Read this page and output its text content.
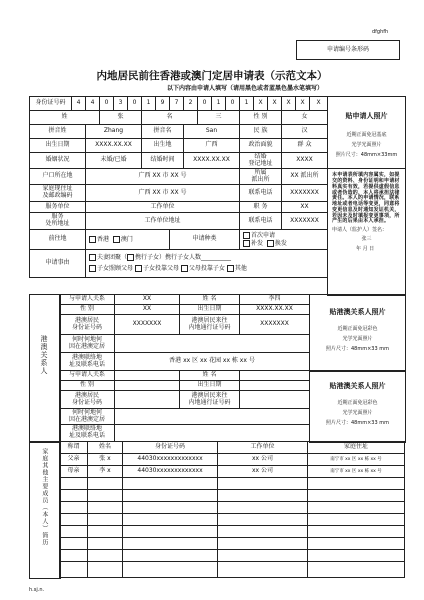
dfghfh
申请编号条形码
内地居民前往香港或澳门定居申请表（示范文本）
以下内容由申请人填写（请用黑色或者蓝黑色墨水笔填写）
身份证号码	4	4	0	3	0	1	9	7	2	0	1	0	1	X	X	X	X	X
姓			张			名				三			性 别			女		
拼音姓		Zhang				拼音名			San				民 族			汉		
出生日期		XXXX.XX.XX				出生地			广西				政治面貌			群 众		
婚姻状况		未婚/已婚				结婚时间			XXXX.XX.XX				结婚
登记地址			XXXX		
户口所在地		广西 XX 市 XX 号											所属
派出所			XX 派出所		
家庭现住址
及邮政编码		广西 XX 市 XX 号											联系电话			XXXXXXX		
服务单位		工作单位											职 务			XX		
服务
处所地址		工作单位地址											联系电话			XXXXXXX		
前往地		香港 澳门						申请种类					首次申请
补发 换发					

申请事由		夫妻团聚（ 携行子女）携行子女人数__________
子女照顾父母 子女投靠父母 父母投靠子女 其他																
贴申请人照片
近期正面免冠基底
光学光面照片
照片尺寸：48mm×33mm
本申请表所填内容属实，如提交的资料、身份证明和申请材料真实有效，若提供虚假信息或者伪造的，本人将承担法律责任。本人的申请情况，联系地址或者电话等变更，同意将变更信息及时通知发证机关，若因未及时填报变更事项，所产生的后果由本人承担。
申请人（监护人）签名：
张三
年 月 日
港澳关系人
与申请人关系	XX	姓 名	李四
性 别	XX	出生日期	XXXX.XX.XX
港澳居民
身份证号码	XXXXXXX	港澳居民来往
内地通行证号码	XXXXXXX
何时何地何
因在港澳定居			
港澳联络地
址及联系电话	香港 xx 区 xx 花园 xx 栋 xx 号		
贴港澳关系人照片
近期正面免冠彩色
光学光面照片
照片尺寸：48mm×33 mm
与申请人关系		姓 名	
性 别		出生日期	
港澳居民
身份证号码		港澳居民来往
内地通行证号码	
何时何地何
因在港澳定居			
港澳联络地
址及联系电话			
贴港澳关系人照片
近期正面免冠彩色
光学光面照片
照片尺寸：48mm×33 mm
家庭其他主要成员（本人）简历
称谓	姓名	身份证号码	工作单位	家庭住址
父亲	张 x	44030xxxxxxxxxxxxx	xx 公司	南宁市 xx 区 xx 栋 xx 号
母亲	李 x	44030xxxxxxxxxxxxx	xx 公司	南宁市 xx 区 xx 栋 xx 号

h.sj.n.
